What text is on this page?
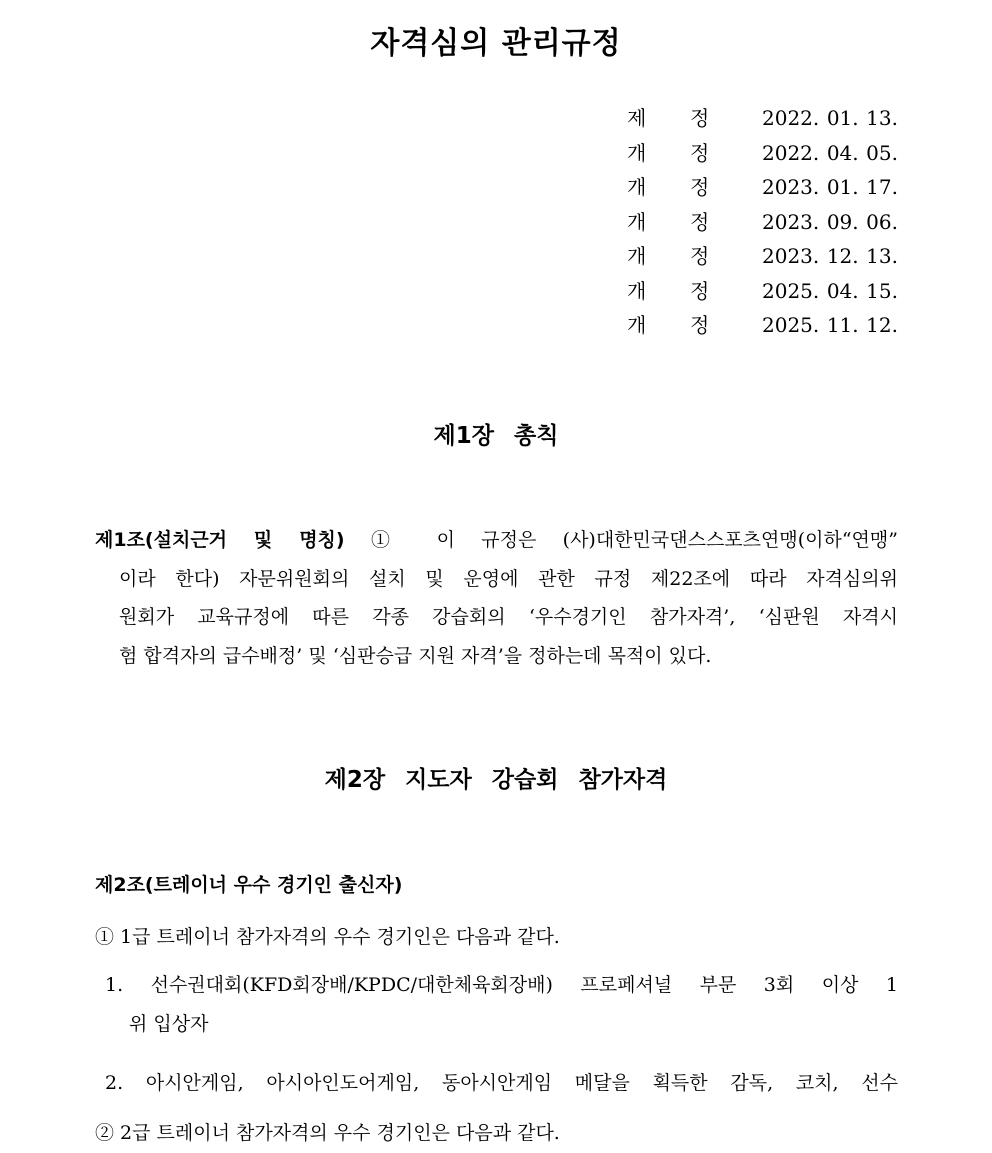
자격심의 관리규정
제 정	2022. 01. 13.
개 정	2022. 04. 05.
개 정	2023. 01. 17.
개 정	2023. 09. 06.
개 정	2023. 12. 13.
개 정	2025. 04. 15.
개 정	2025. 11. 12.
제1장 총칙
제1조(설치근거 및 명칭) ① 이 규정은 (사)대한민국댄스스포츠연맹(이하“연맹”
이라 한다) 자문위원회의 설치 및 운영에 관한 규정 제22조에 따라 자격심의위
원회가 교육규정에 따른 각종 강습회의 ‘우수경기인 참가자격’, ‘심판원 자격시
험 합격자의 급수배정’ 및 ‘심판승급 지원 자격’을 정하는데 목적이 있다.
제2장 지도자 강습회 참가자격
제2조(트레이너 우수 경기인 출신자)
① 1급 트레이너 참가자격의 우수 경기인은 다음과 같다.
1. 선수권대회(KFD회장배/KPDC/대한체육회장배) 프로페셔널 부문 3회 이상 1
위 입상자
2. 아시안게임, 아시아인도어게임, 동아시안게임 메달을 획득한 감독, 코치, 선수
② 2급 트레이너 참가자격의 우수 경기인은 다음과 같다.
